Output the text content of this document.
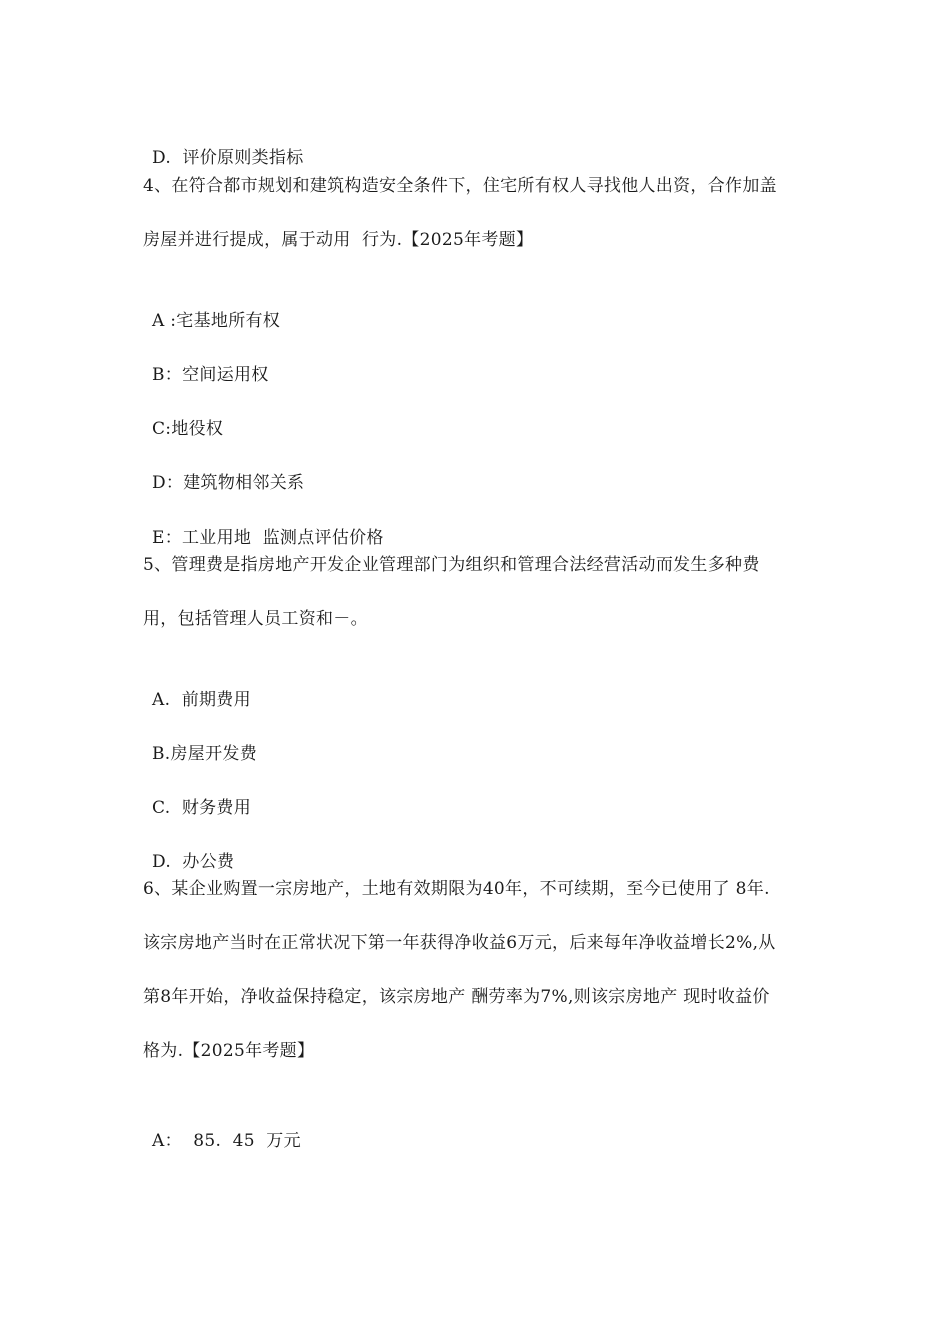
D.  评价原则类指标
4、在符合都市规划和建筑构造安全条件下，住宅所有权人寻找他人出资，合作加盖
房屋并进行提成，属于动用  行为.【2025年考题】
A :宅基地所有权
B：空间运用权
C:地役权
D：建筑物相邻关系
E：工业用地  监测点评估价格
5、管理费是指房地产开发企业管理部门为组织和管理合法经营活动而发生多种费
用，包括管理人员工资和－。
A.  前期费用
B.房屋开发费
C.  财务费用
D.  办公费
6、某企业购置一宗房地产，土地有效期限为40年，不可续期，至今已使用了 8年.
该宗房地产当时在正常状况下第一年获得净收益6万元，后来每年净收益增长2%,从
第8年开始，净收益保持稳定，该宗房地产 酬劳率为7%,则该宗房地产 现时收益价
格为.【2025年考题】
A：  85.  45  万元
